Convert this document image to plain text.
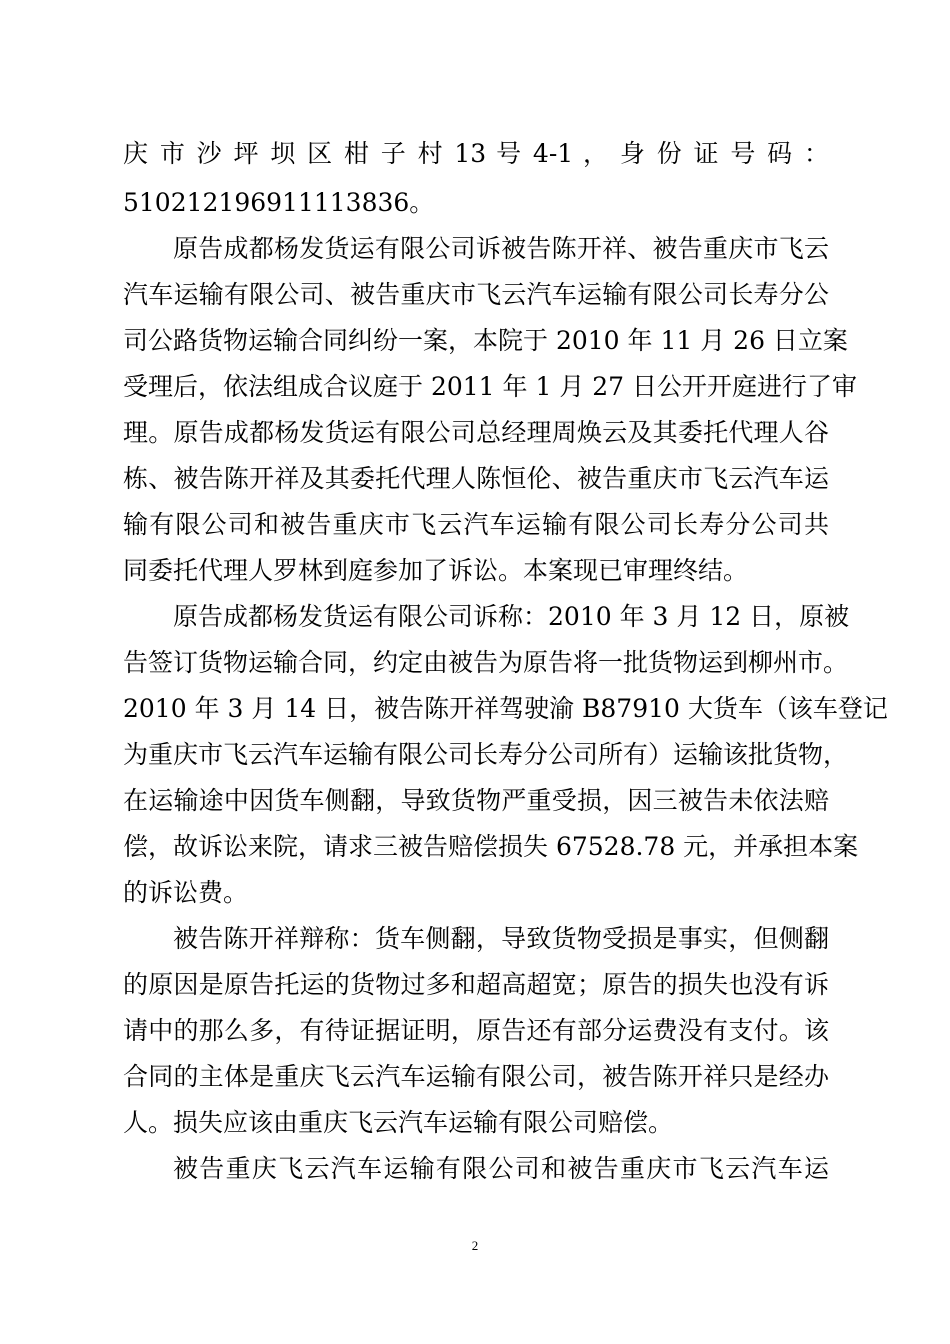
庆 市 沙 坪 坝 区 柑 子 村 13 号 4-1 ， 身 份 证 号 码 ：
510212196911113836。
原告成都杨发货运有限公司诉被告陈开祥、被告重庆市飞云
汽车运输有限公司、被告重庆市飞云汽车运输有限公司长寿分公
司公路货物运输合同纠纷一案，本院于 2010 年 11 月 26 日立案
受理后，依法组成合议庭于 2011 年 1 月 27 日公开开庭进行了审
理。原告成都杨发货运有限公司总经理周焕云及其委托代理人谷
栋、被告陈开祥及其委托代理人陈恒伦、被告重庆市飞云汽车运
输有限公司和被告重庆市飞云汽车运输有限公司长寿分公司共
同委托代理人罗林到庭参加了诉讼。本案现已审理终结。
原告成都杨发货运有限公司诉称：2010 年 3 月 12 日，原被
告签订货物运输合同，约定由被告为原告将一批货物运到柳州市。
2010 年 3 月 14 日，被告陈开祥驾驶渝 B87910 大货车（该车登记
为重庆市飞云汽车运输有限公司长寿分公司所有）运输该批货物，
在运输途中因货车侧翻，导致货物严重受损，因三被告未依法赔
偿，故诉讼来院，请求三被告赔偿损失 67528.78 元，并承担本案
的诉讼费。
被告陈开祥辩称：货车侧翻，导致货物受损是事实，但侧翻
的原因是原告托运的货物过多和超高超宽；原告的损失也没有诉
请中的那么多，有待证据证明，原告还有部分运费没有支付。该
合同的主体是重庆飞云汽车运输有限公司，被告陈开祥只是经办
人。损失应该由重庆飞云汽车运输有限公司赔偿。
被告重庆飞云汽车运输有限公司和被告重庆市飞云汽车运
2
